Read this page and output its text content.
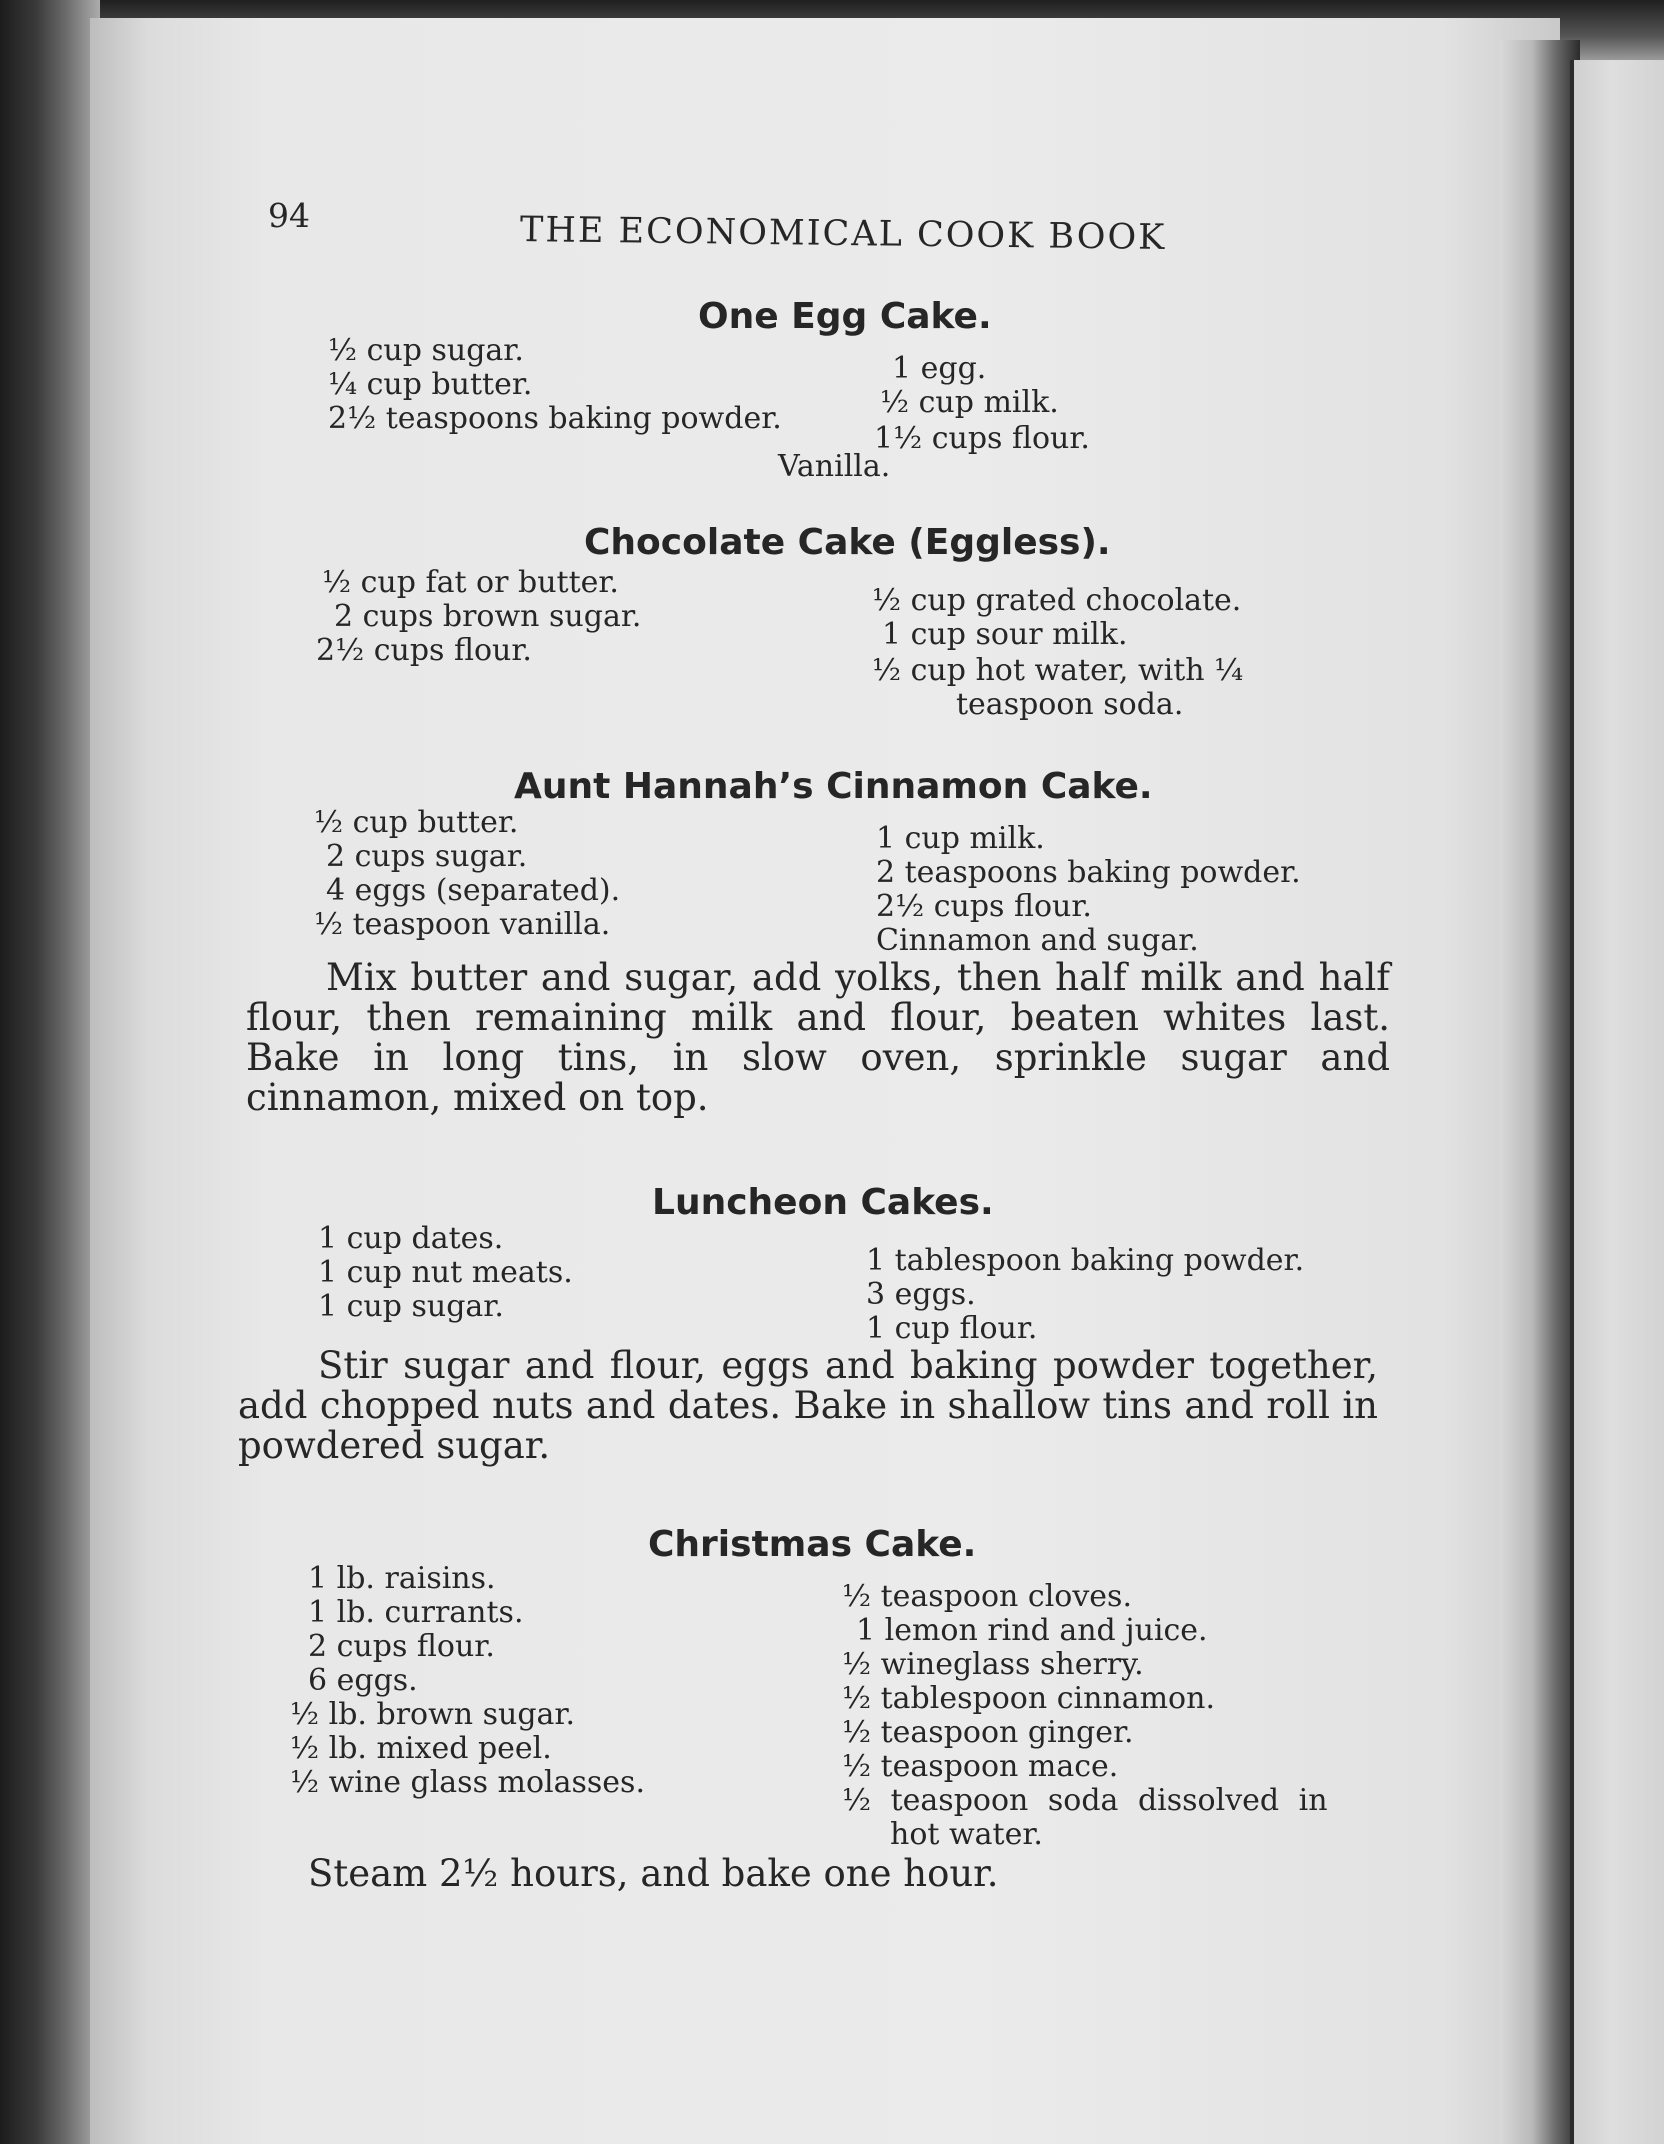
94	THE ECONOMICAL COOK BOOK
One Egg Cake.
½ cup sugar.
¼ cup butter.
2½ teaspoons baking powder.
1 egg.
½ cup milk.
1½ cups flour.
Vanilla.
Chocolate Cake (Eggless).
½ cup fat or butter.
2 cups brown sugar.
2½ cups flour.
½ cup grated chocolate.
1 cup sour milk.
½ cup hot water, with ¼
teaspoon soda.
Aunt Hannah’s Cinnamon Cake.
½ cup butter.
2 cups sugar.
4 eggs (separated).
½ teaspoon vanilla.
1 cup milk.
2 teaspoons baking powder.
2½ cups flour.
Cinnamon and sugar.
Mix butter and sugar, add yolks, then half milk and half flour, then remaining milk and flour, beaten whites last. Bake in long tins, in slow oven, sprinkle sugar and cinnamon, mixed on top.
Luncheon Cakes.
1 cup dates.
1 cup nut meats.
1 cup sugar.
1 tablespoon baking powder.
3 eggs.
1 cup flour.
Stir sugar and flour, eggs and baking powder together, add chopped nuts and dates. Bake in shallow tins and roll in powdered sugar.
Christmas Cake.
1 lb. raisins.
1 lb. currants.
2 cups flour.
6 eggs.
½ lb. brown sugar.
½ lb. mixed peel.
½ wine glass molasses.
½ teaspoon cloves.
1 lemon rind and juice.
½ wineglass sherry.
½ tablespoon cinnamon.
½ teaspoon ginger.
½ teaspoon mace.
½ teaspoon soda dissolved in
hot water.
Steam 2½ hours, and bake one hour.
